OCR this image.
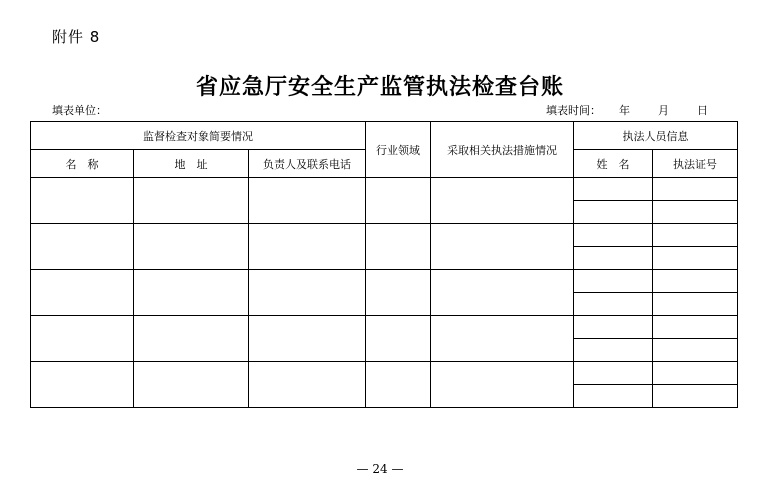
附件 8
省应急厅安全生产监管执法检查台账
填表单位：	填表时间： 年	月	日
监督检查对象简要情况			行业领域	采取相关执法措施情况	执法人员信息	
名　称	地　址	负责人及联系电话			姓　名	执法证号

— 24 —
